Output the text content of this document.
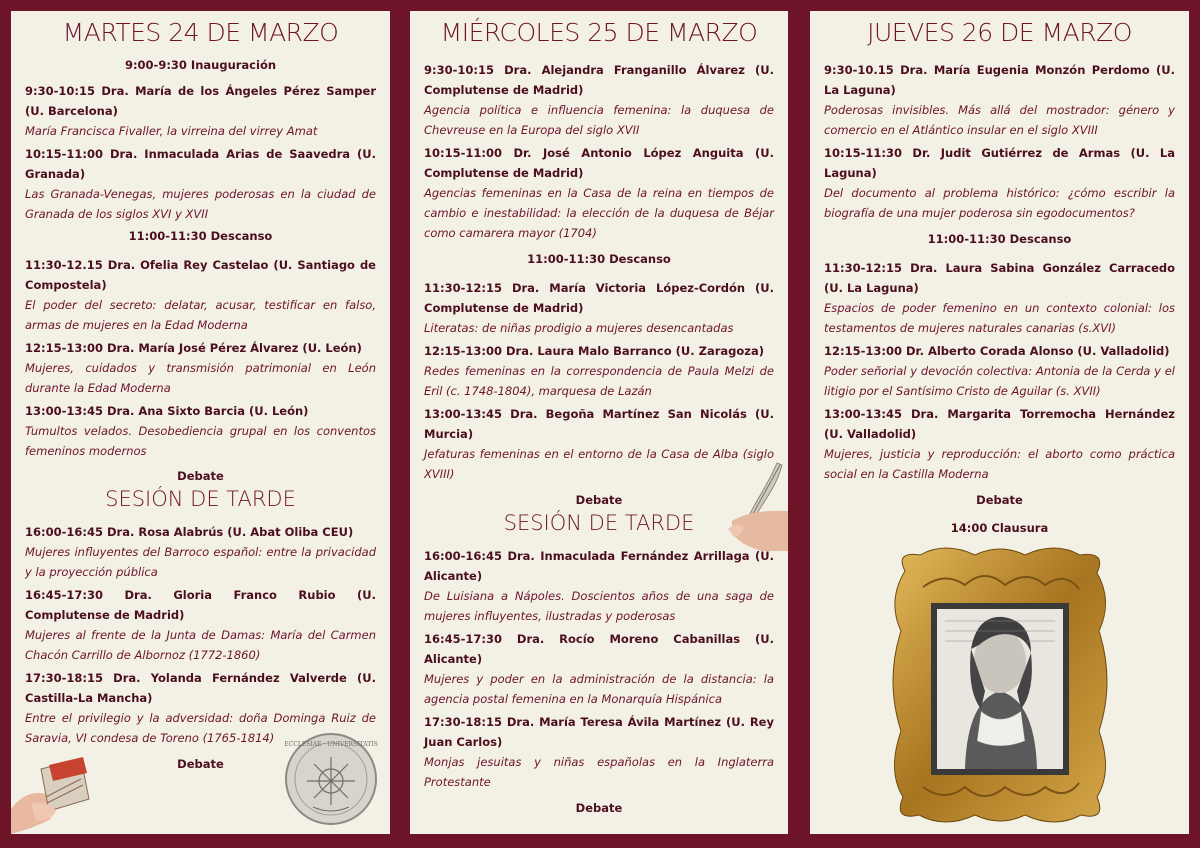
MARTES 24 DE MARZO
9:00-9:30 Inauguración

9:30-10:15 Dra. María de los Ángeles Pérez Samper (U. Barcelona)

María Francisca Fivaller, la virreina del virrey Amat

10:15-11:00 Dra. Inmaculada Arias de Saavedra (U. Granada)

Las Granada-Venegas, mujeres poderosas en la ciudad de Granada de los siglos XVI y XVII

11:00-11:30 Descanso

11:30-12.15 Dra. Ofelia Rey Castelao (U. Santiago de Compostela)

El poder del secreto: delatar, acusar, testificar en falso, armas de mujeres en la Edad Moderna

12:15-13:00 Dra. María José Pérez Álvarez (U. León)

Mujeres, cuidados y transmisión patrimonial en León durante la Edad Moderna

13:00-13:45 Dra. Ana Sixto Barcia (U. León)

Tumultos velados. Desobediencia grupal en los conventos femeninos modernos

Debate
SESIÓN DE TARDE

16:00-16:45 Dra. Rosa Alabrús (U. Abat Oliba CEU)

Mujeres influyentes del Barroco español: entre la privacidad y la proyección pública

16:45-17:30 Dra. Gloria Franco Rubio (U. Complutense de Madrid)

Mujeres al frente de la Junta de Damas: María del Carmen Chacón Carrillo de Albornoz (1772-1860)

17:30-18:15 Dra. Yolanda Fernández Valverde (U. Castilla-La Mancha)

Entre el privilegio y la adversidad: doña Dominga Ruiz de Saravia, VI condesa de Toreno (1765-1814)

Debate
ECCLESIAE · UNIVERSITATIS
MIÉRCOLES 25 DE MARZO

9:30-10:15 Dra. Alejandra Franganillo Álvarez (U. Complutense de Madrid)

Agencia política e influencia femenina: la duquesa de Chevreuse en la Europa del siglo XVII

10:15-11:00 Dr. José Antonio López Anguita (U. Complutense de Madrid)

Agencias femeninas en la Casa de la reina en tiempos de cambio e inestabilidad: la elección de la duquesa de Béjar como camarera mayor (1704)

11:00-11:30 Descanso

11:30-12:15 Dra. María Victoria López-Cordón (U. Complutense de Madrid)

Literatas: de niñas prodigio a mujeres desencantadas

12:15-13:00 Dra. Laura Malo Barranco (U. Zaragoza)

Redes femeninas en la correspondencia de Paula Melzi de Eril (c. 1748-1804), marquesa de Lazán

13:00-13:45 Dra. Begoña Martínez San Nicolás (U. Murcia)

Jefaturas femeninas en el entorno de la Casa de Alba (siglo XVIII)

Debate
SESIÓN DE TARDE

16:00-16:45 Dra. Inmaculada Fernández Arrillaga (U. Alicante)

De Luisiana a Nápoles. Doscientos años de una saga de mujeres influyentes, ilustradas y poderosas

16:45-17:30 Dra. Rocío Moreno Cabanillas (U. Alicante)

Mujeres y poder en la administración de la distancia: la agencia postal femenina en la Monarquía Hispánica

17:30-18:15 Dra. María Teresa Ávila Martínez (U. Rey Juan Carlos)

Monjas jesuitas y niñas españolas en la Inglaterra Protestante

Debate
JUEVES 26 DE MARZO

9:30-10.15 Dra. María Eugenia Monzón Perdomo (U. La Laguna)

Poderosas invisibles. Más allá del mostrador: género y comercio en el Atlántico insular en el siglo XVIII

10:15-11:30 Dr. Judit Gutiérrez de Armas (U. La Laguna)

Del documento al problema histórico: ¿cómo escribir la biografía de una mujer poderosa sin egodocumentos?

11:00-11:30 Descanso

11:30-12:15 Dra. Laura Sabina González Carracedo (U. La Laguna)

Espacios de poder femenino en un contexto colonial: los testamentos de mujeres naturales canarias (s.XVI)

12:15-13:00 Dr. Alberto Corada Alonso (U. Valladolid)

Poder señorial y devoción colectiva: Antonia de la Cerda y el litigio por el Santísimo Cristo de Aguilar (s. XVII)

13:00-13:45 Dra. Margarita Torremocha Hernández (U. Valladolid)

Mujeres, justicia y reproducción: el aborto como práctica social en la Castilla Moderna

Debate
14:00 Clausura
